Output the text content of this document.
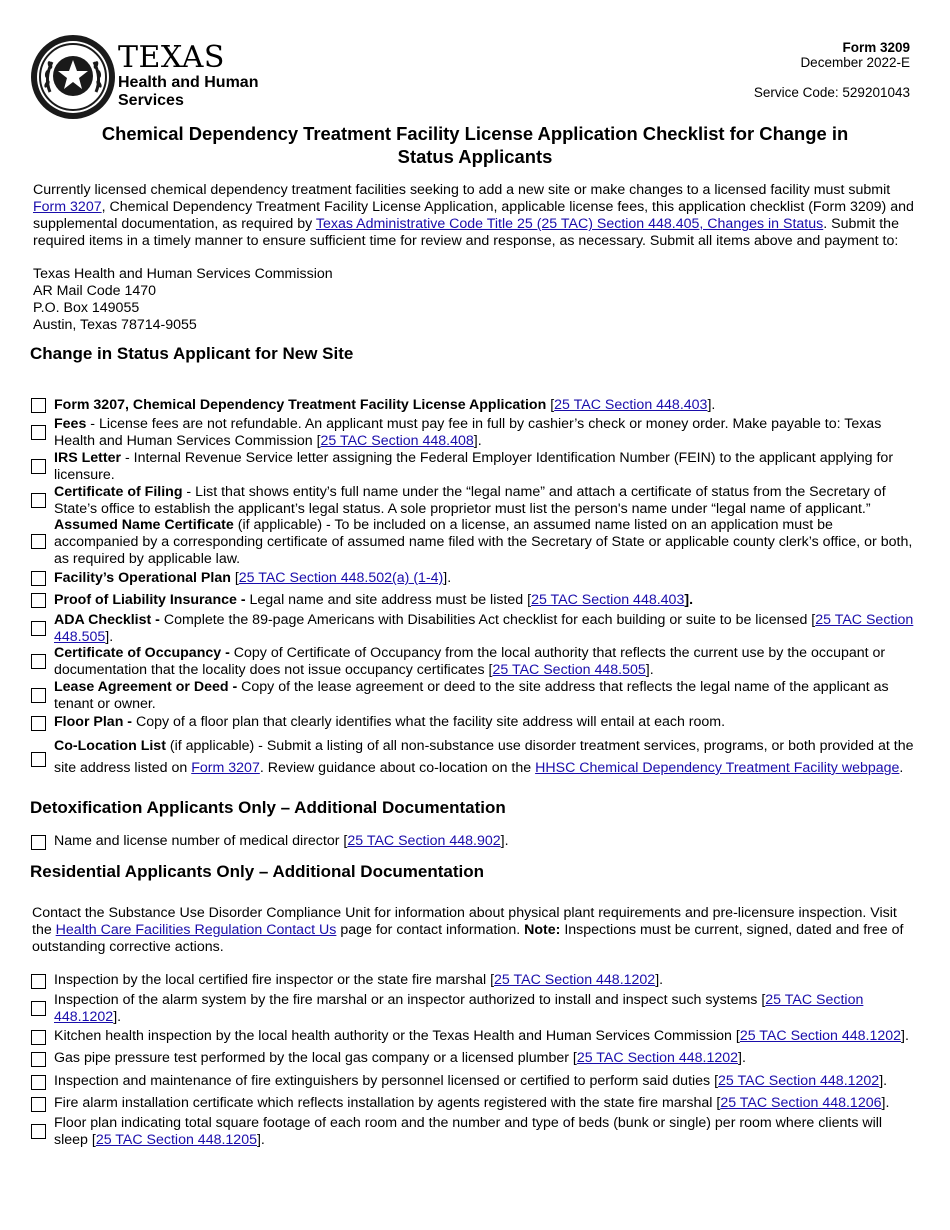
TEXAS
Health and Human
Services
Form 3209
December 2022-E
Service Code: 529201043
Chemical Dependency Treatment Facility License Application Checklist for Change in
Status Applicants

Currently licensed chemical dependency treatment facilities seeking to add a new site or make changes to a licensed facility must submit Form 3207, Chemical Dependency Treatment Facility License Application, applicable license fees, this application checklist (Form 3209) and supplemental documentation, as required by Texas Administrative Code Title 25 (25 TAC) Section 448.405, Changes in Status. Submit the required items in a timely manner to ensure sufficient time for review and response, as necessary. Submit all items above and payment to:

Texas Health and Human Services Commission
AR Mail Code 1470
P.O. Box 149055
Austin, Texas 78714-9055
Change in Status Applicant for New Site
Form 3207, Chemical Dependency Treatment Facility License Application [25 TAC Section 448.403].
Fees - License fees are not refundable. An applicant must pay fee in full by cashier’s check or money order. Make payable to: Texas Health and Human Services Commission [25 TAC Section 448.408].
IRS Letter - Internal Revenue Service letter assigning the Federal Employer Identification Number (FEIN) to the applicant applying for licensure.
Certificate of Filing - List that shows entity’s full name under the “legal name” and attach a certificate of status from the Secretary of State’s office to establish the applicant’s legal status. A sole proprietor must list the person's name under “legal name of applicant.”
Assumed Name Certificate (if applicable) - To be included on a license, an assumed name listed on an application must be accompanied by a corresponding certificate of assumed name filed with the Secretary of State or applicable county clerk’s office, or both, as required by applicable law.
Facility’s Operational Plan [25 TAC Section 448.502(a) (1-4)].
Proof of Liability Insurance - Legal name and site address must be listed [25 TAC Section 448.403].
ADA Checklist - Complete the 89-page Americans with Disabilities Act checklist for each building or suite to be licensed [25 TAC Section 448.505].
Certificate of Occupancy - Copy of Certificate of Occupancy from the local authority that reflects the current use by the occupant or documentation that the locality does not issue occupancy certificates [25 TAC Section 448.505].
Lease Agreement or Deed - Copy of the lease agreement or deed to the site address that reflects the legal name of the applicant as tenant or owner.
Floor Plan - Copy of a floor plan that clearly identifies what the facility site address will entail at each room.
Co-Location List (if applicable) - Submit a listing of all non-substance use disorder treatment services, programs, or both provided at the site address listed on Form 3207. Review guidance about co-location on the HHSC Chemical Dependency Treatment Facility webpage.
Detoxification Applicants Only – Additional Documentation
Name and license number of medical director [25 TAC Section 448.902].
Residential Applicants Only – Additional Documentation

Contact the Substance Use Disorder Compliance Unit for information about physical plant requirements and pre-licensure inspection. Visit the Health Care Facilities Regulation Contact Us page for contact information. Note: Inspections must be current, signed, dated and free of outstanding corrective actions.

Inspection by the local certified fire inspector or the state fire marshal [25 TAC Section 448.1202].
Inspection of the alarm system by the fire marshal or an inspector authorized to install and inspect such systems [25 TAC Section 448.1202].
Kitchen health inspection by the local health authority or the Texas Health and Human Services Commission [25 TAC Section 448.1202].
Gas pipe pressure test performed by the local gas company or a licensed plumber [25 TAC Section 448.1202].
Inspection and maintenance of fire extinguishers by personnel licensed or certified to perform said duties [25 TAC Section 448.1202].
Fire alarm installation certificate which reflects installation by agents registered with the state fire marshal [25 TAC Section 448.1206].
Floor plan indicating total square footage of each room and the number and type of beds (bunk or single) per room where clients will sleep [25 TAC Section 448.1205].
